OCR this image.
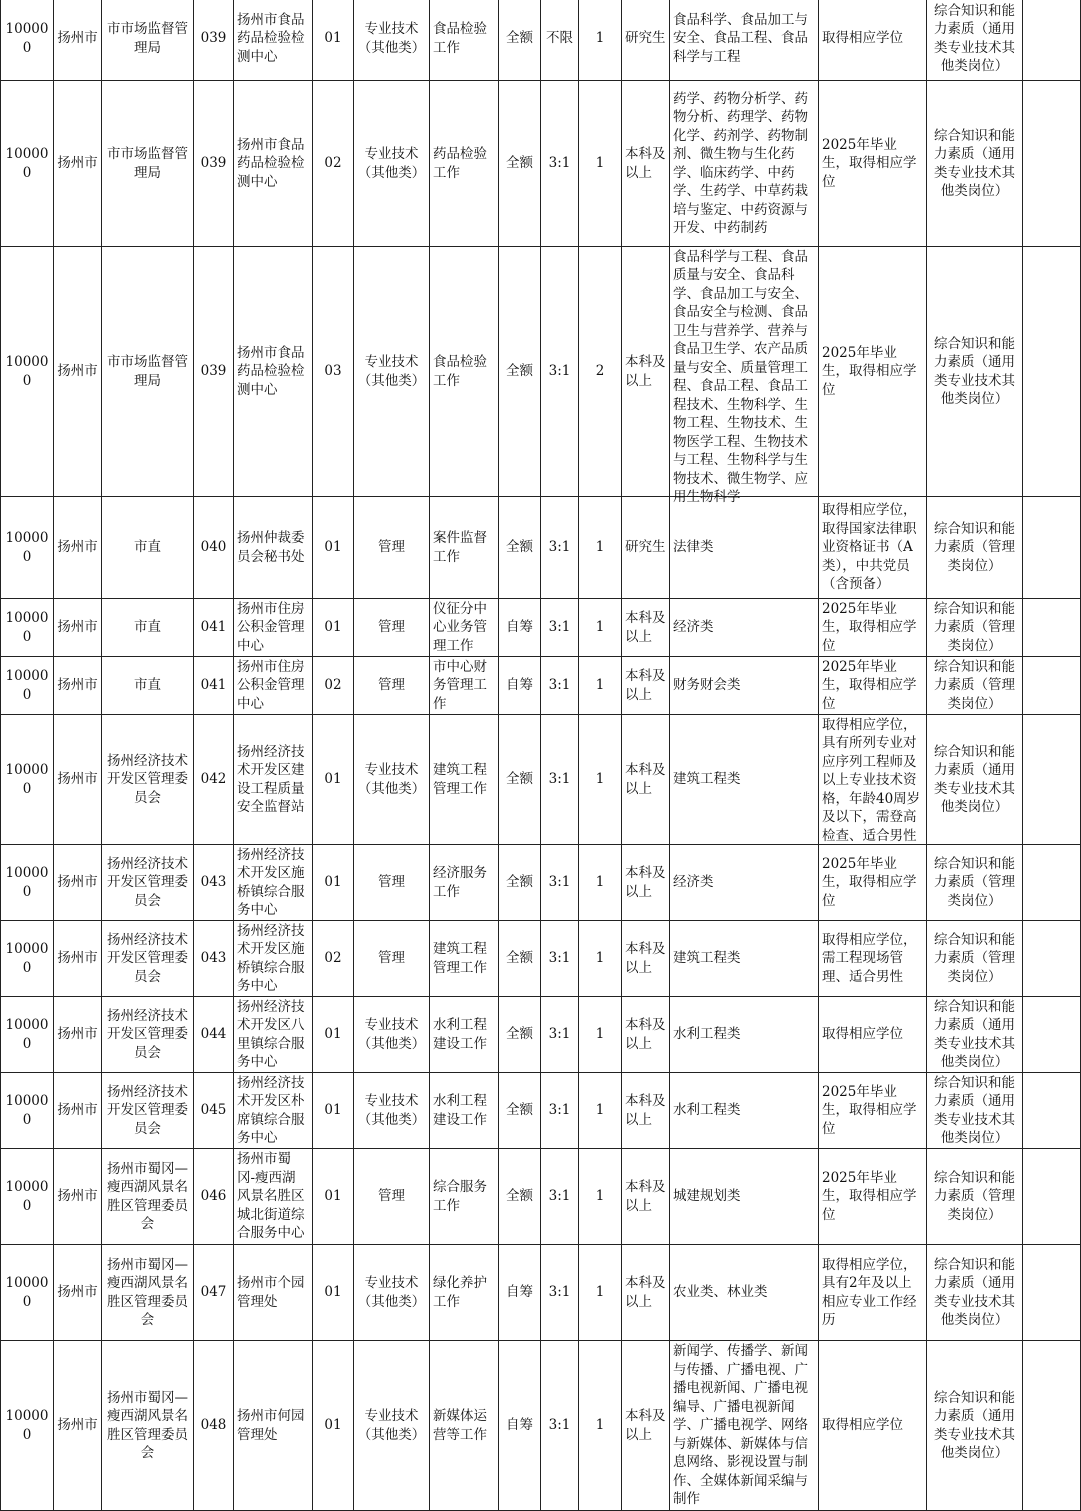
100000	扬州市	市市场监督管理局	039	扬州市食品药品检验检测中心	01	专业技术（其他类）	食品检验工作	全额	不限	1	研究生	食品科学、食品加工与安全、食品工程、食品科学与工程	取得相应学位	综合知识和能力素质（通用类专业技术其他类岗位）	

100000	扬州市	市市场监督管理局	039	扬州市食品药品检验检测中心	02	专业技术（其他类）	药品检验工作	全额	3:1	1	本科及以上	药学、药物分析学、药物分析、药理学、药物化学、药剂学、药物制剂、微生物与生化药学、临床药学、中药学、生药学、中草药栽培与鉴定、中药资源与开发、中药制药	2025年毕业生，取得相应学位	综合知识和能力素质（通用类专业技术其他类岗位）	

100000	扬州市	市市场监督管理局	039	扬州市食品药品检验检测中心	03	专业技术（其他类）	食品检验工作	全额	3:1	2	本科及以上	食品科学与工程、食品质量与安全、食品科学、食品加工与安全、食品安全与检测、食品卫生与营养学、营养与食品卫生学、农产品质量与安全、质量管理工程、食品工程、食品工程技术、生物科学、生物工程、生物技术、生物医学工程、生物技术与工程、生物科学与生物技术、微生物学、应用生物科学	2025年毕业生，取得相应学位	综合知识和能力素质（通用类专业技术其他类岗位）	

100000	扬州市	市直	040	扬州仲裁委员会秘书处	01	管理	案件监督工作	全额	3:1	1	研究生	法律类	取得相应学位，取得国家法律职业资格证书（A类），中共党员（含预备）	综合知识和能力素质（管理类岗位）	

100000	扬州市	市直	041	扬州市住房公积金管理中心	01	管理	仪征分中心业务管理工作	自筹	3:1	1	本科及以上	经济类	2025年毕业生，取得相应学位	综合知识和能力素质（管理类岗位）	

100000	扬州市	市直	041	扬州市住房公积金管理中心	02	管理	市中心财务管理工作	自筹	3:1	1	本科及以上	财务财会类	2025年毕业生，取得相应学位	综合知识和能力素质（管理类岗位）	

100000	扬州市	扬州经济技术开发区管理委员会	042	扬州经济技术开发区建设工程质量安全监督站	01	专业技术（其他类）	建筑工程管理工作	全额	3:1	1	本科及以上	建筑工程类	取得相应学位，具有所列专业对应序列工程师及以上专业技术资格，年龄40周岁及以下，需登高检查、适合男性	综合知识和能力素质（通用类专业技术其他类岗位）	

100000	扬州市	扬州经济技术开发区管理委员会	043	扬州经济技术开发区施桥镇综合服务中心	01	管理	经济服务工作	全额	3:1	1	本科及以上	经济类	2025年毕业生，取得相应学位	综合知识和能力素质（管理类岗位）	

100000	扬州市	扬州经济技术开发区管理委员会	043	扬州经济技术开发区施桥镇综合服务中心	02	管理	建筑工程管理工作	全额	3:1	1	本科及以上	建筑工程类	取得相应学位，需工程现场管理、适合男性	综合知识和能力素质（管理类岗位）	

100000	扬州市	扬州经济技术开发区管理委员会	044	扬州经济技术开发区八里镇综合服务中心	01	专业技术（其他类）	水利工程建设工作	全额	3:1	1	本科及以上	水利工程类	取得相应学位	综合知识和能力素质（通用类专业技术其他类岗位）	

100000	扬州市	扬州经济技术开发区管理委员会	045	扬州经济技术开发区朴席镇综合服务中心	01	专业技术（其他类）	水利工程建设工作	全额	3:1	1	本科及以上	水利工程类	2025年毕业生，取得相应学位	综合知识和能力素质（通用类专业技术其他类岗位）	

100000	扬州市	扬州市蜀冈—瘦西湖风景名胜区管理委员会	046	扬州市蜀冈-瘦西湖风景名胜区城北街道综合服务中心	01	管理	综合服务工作	全额	3:1	1	本科及以上	城建规划类	2025年毕业生，取得相应学位	综合知识和能力素质（管理类岗位）	

100000	扬州市	扬州市蜀冈—瘦西湖风景名胜区管理委员会	047	扬州市个园管理处	01	专业技术（其他类）	绿化养护工作	自筹	3:1	1	本科及以上	农业类、林业类	取得相应学位，具有2年及以上相应专业工作经历	综合知识和能力素质（通用类专业技术其他类岗位）	

100000	扬州市	扬州市蜀冈—瘦西湖风景名胜区管理委员会	048	扬州市何园管理处	01	专业技术（其他类）	新媒体运营等工作	自筹	3:1	1	本科及以上	新闻学、传播学、新闻与传播、广播电视、广播电视新闻、广播电视编导、广播电视新闻学、广播电视学、网络与新媒体、新媒体与信息网络、影视设置与制作、全媒体新闻采编与制作	取得相应学位	综合知识和能力素质（通用类专业技术其他类岗位）	
